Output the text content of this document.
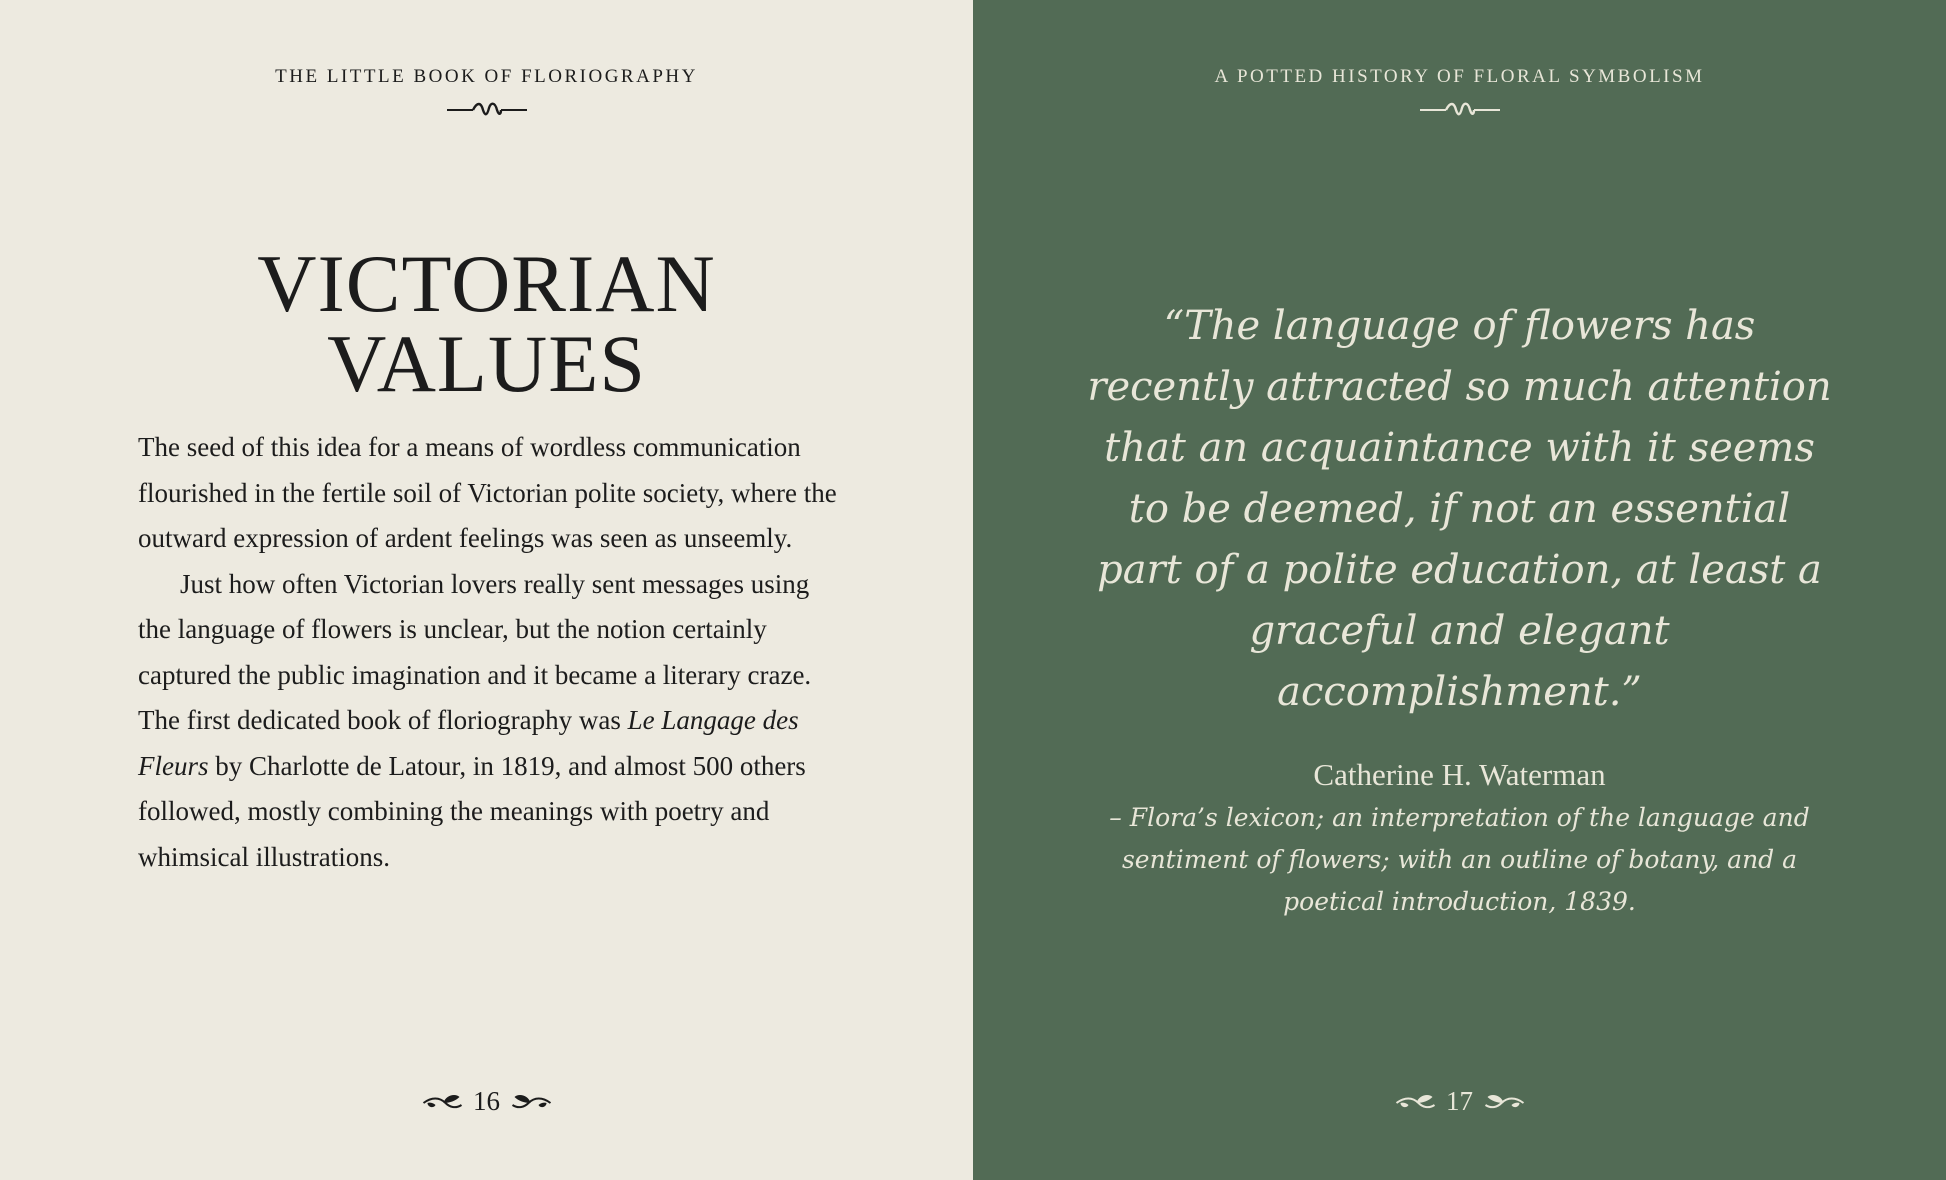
THE LITTLE BOOK OF FLORIOGRAPHY
VICTORIAN
VALUES

The seed of this idea for a means of wordless communication flourished in the fertile soil of Victorian polite society, where the outward expression of ardent feelings was seen as unseemly.

Just how often Victorian lovers really sent messages using the language of flowers is unclear, but the notion certainly captured the public imagination and it became a literary craze. The first dedicated book of floriography was Le Langage des Fleurs by Charlotte de Latour, in 1819, and almost 500 others followed, mostly combining the meanings with poetry and whimsical illustrations.

16
A POTTED HISTORY OF FLORAL SYMBOLISM

“The language of flowers has recently attracted so much attention that an acquaintance with it seems to be deemed, if not an essential part of a polite education, at least a graceful and elegant accomplishment.”

Catherine H. Waterman
– Flora’s lexicon; an interpretation of the language and sentiment of flowers; with an outline of botany, and a poetical introduction, 1839.
17
